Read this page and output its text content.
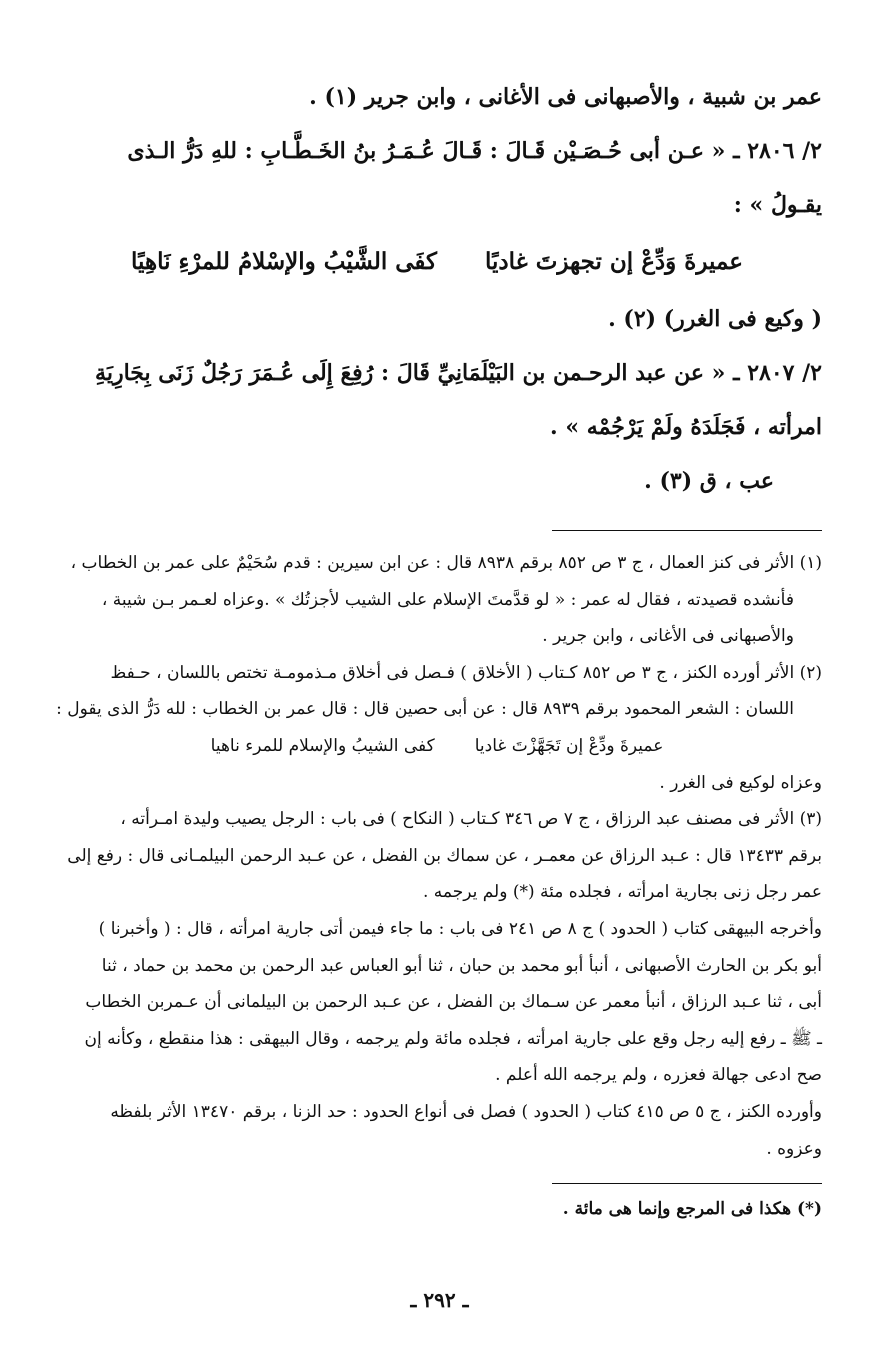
عمر بن شبية ، والأصبهانى فى الأغانى ، وابن جرير (١) .

٢/ ٢٨٠٦ ـ « عـن أبى حُـصَـيْن قَـالَ : قَـالَ عُـمَـرُ بنُ الخَـطَّـابِ : للهِ دَرُّ الـذى

يقـولُ » :

عميرةَ وَدِّعْ إن تجهزتَ غاديًا
كفَى الشَّيْبُ والإسْلامُ للمرْءِ نَاهِيًا

( وكيع فى الغرر) (٢) .

٢/ ٢٨٠٧ ـ « عن عبد الرحـمن بن البَيْلَمَانِيِّ قَالَ : رُفِعَ إِلَى عُـمَرَ رَجُلٌ زَنَى بِجَارِيَةِ

امرأته ، فَجَلَدَهُ ولَمْ يَرْجُمْه » .

عب ، ق (٣) .

(١) الأثر فى كنز العمال ، ج ٣ ص ٨٥٢ برقم ٨٩٣٨ قال : عن ابن سيرين : قدم سُحَيْمٌ على عمر بن الخطاب ،

فأنشده قصيدته ، فقال له عمر : « لو قدَّمتَ الإسلام على الشيب لأجزتُك » .وعزاه لعـمر بـن شيبة ،

والأصبهانى فى الأغانى ، وابن جرير .

(٢) الأثر أورده الكنز ، ج ٣ ص ٨٥٢ كـتاب ( الأخلاق ) فـصل فى أخلاق مـذمومـة تختص باللسان ، حـفظ

اللسان : الشعر المحمود برقم ٨٩٣٩ قال : عن أبى حصين قال : قال عمر بن الخطاب : لله دَرُّ الذى يقول :

عميرةَ ودِّعْ إن تَجَهَّزْتَ غاديا
كفى الشيبُ والإسلام للمرء ناهيا

وعزاه لوكيع فى الغرر .

(٣) الأثر فى مصنف عبد الرزاق ، ج ٧ ص ٣٤٦ كـتاب ( النكاح ) فى باب : الرجل يصيب وليدة امـرأته ،

برقم ١٣٤٣٣ قال : عـبد الرزاق عن معمـر ، عن سماك بن الفضل ، عن عـبد الرحمن البيلمـانى قال : رفع إلى

عمر رجل زنى بجارية امرأته ، فجلده مئة (*) ولم يرجمه .

وأخرجه البيهقى كتاب ( الحدود ) ج ٨ ص ٢٤١ فى باب : ما جاء فيمن أتى جارية امرأته ، قال : ( وأخبرنا )

أبو بكر بن الحارث الأصبهانى ، أنبأ أبو محمد بن حبان ، ثنا أبو العباس عبد الرحمن بن محمد بن حماد ، ثنا

أبى ، ثنا عـبد الرزاق ، أنبأ معمر عن سـماك بن الفضل ، عن عـبد الرحمن بن البيلمانى أن عـمربن الخطاب

ـ ﷺ ـ رفع إليه رجل وقع على جارية امرأته ، فجلده مائة ولم يرجمه ، وقال البيهقى : هذا منقطع ، وكأنه إن

صح ادعى جهالة فعزره ، ولم يرجمه الله أعلم .

وأورده الكنز ، ج ٥ ص ٤١٥ كتاب ( الحدود ) فصل فى أنواع الحدود : حد الزنا ، برقم ١٣٤٧٠ الأثر بلفظه

وعزوه .

(*) هكذا فى المرجع وإنما هى مائة .

ـ ٢٩٢ ـ
